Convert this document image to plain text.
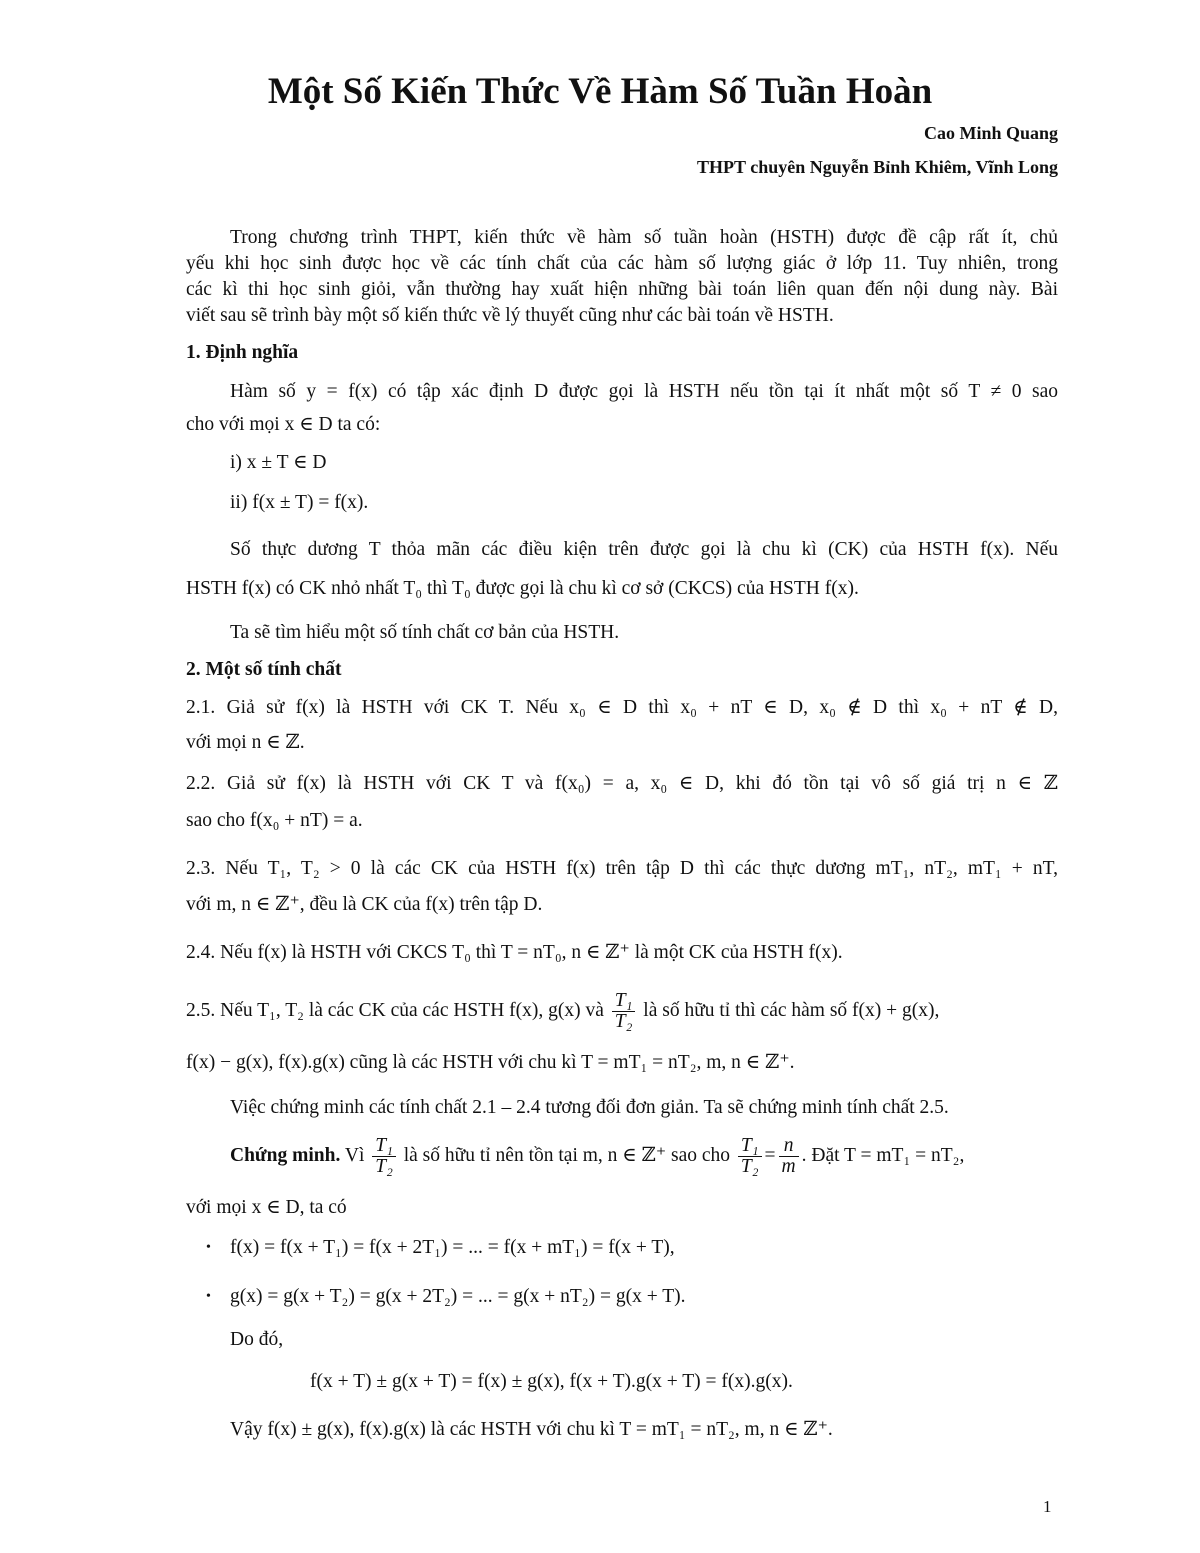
Một Số Kiến Thức Về Hàm Số Tuần Hoàn
Cao Minh Quang
THPT chuyên Nguyễn Bỉnh Khiêm, Vĩnh Long
Trong chương trình THPT, kiến thức về hàm số tuần hoàn (HSTH) được đề cập rất ít, chủ
yếu khi học sinh được học về các tính chất của các hàm số lượng giác ở lớp 11. Tuy nhiên, trong
các kì thi học sinh giỏi, vẫn thường hay xuất hiện những bài toán liên quan đến nội dung này. Bài
viết sau sẽ trình bày một số kiến thức về lý thuyết cũng như các bài toán về HSTH.
1. Định nghĩa
Hàm số y = f(x) có tập xác định D được gọi là HSTH nếu tồn tại ít nhất một số T ≠ 0 sao
cho với mọi x ∈ D ta có:
i) x ± T ∈ D
ii) f(x ± T) = f(x).
Số thực dương T thỏa mãn các điều kiện trên được gọi là chu kì (CK) của HSTH f(x). Nếu
HSTH f(x) có CK nhỏ nhất T₀ thì T₀ được gọi là chu kì cơ sở (CKCS) của HSTH f(x).
Ta sẽ tìm hiểu một số tính chất cơ bản của HSTH.
2. Một số tính chất
2.1. Giả sử f(x) là HSTH với CK T. Nếu x₀ ∈ D thì x₀ + nT ∈ D, x₀ ∉ D thì x₀ + nT ∉ D,
với mọi n ∈ ℤ.
2.2. Giả sử f(x) là HSTH với CK T và f(x₀) = a, x₀ ∈ D, khi đó tồn tại vô số giá trị n ∈ ℤ
sao cho f(x₀ + nT) = a.
2.3. Nếu T₁, T₂ > 0 là các CK của HSTH f(x) trên tập D thì các thực dương mT₁, nT₂, mT₁ + nT,
với m, n ∈ ℤ⁺, đều là CK của f(x) trên tập D.
2.4. Nếu f(x) là HSTH với CKCS T₀ thì T = nT₀, n ∈ ℤ⁺ là một CK của HSTH f(x).
2.5. Nếu T₁, T₂ là các CK của các HSTH f(x), g(x) và $\frac{\text{T₁}}{\text{T₂}}$ là số hữu tỉ thì các hàm số f(x) + g(x),
f(x) − g(x), f(x).g(x) cũng là các HSTH với chu kì T = mT₁ = nT₂, m, n ∈ ℤ⁺.
Việc chứng minh các tính chất 2.1 – 2.4 tương đối đơn giản. Ta sẽ chứng minh tính chất 2.5.
Chứng minh. Vì $\frac{\text{T₁}}{\text{T₂}}$ là số hữu tỉ nên tồn tại m, n ∈ ℤ⁺ sao cho $\frac{\text{T₁}}{\text{T₂}} = \frac{n}{m}$ . Đặt T = mT₁ = nT₂,
với mọi x ∈ D, ta có
• f(x) = f(x + T₁) = f(x + 2T₁) = ... = f(x + mT₁) = f(x + T),
• g(x) = g(x + T₂) = g(x + 2T₂) = ... = g(x + nT₂) = g(x + T).
Do đó,
f(x + T) ± g(x + T) = f(x) ± g(x), f(x + T).g(x + T) = f(x).g(x).
Vậy f(x) ± g(x), f(x).g(x) là các HSTH với chu kì T = mT₁ = nT₂, m, n ∈ ℤ⁺.
1
